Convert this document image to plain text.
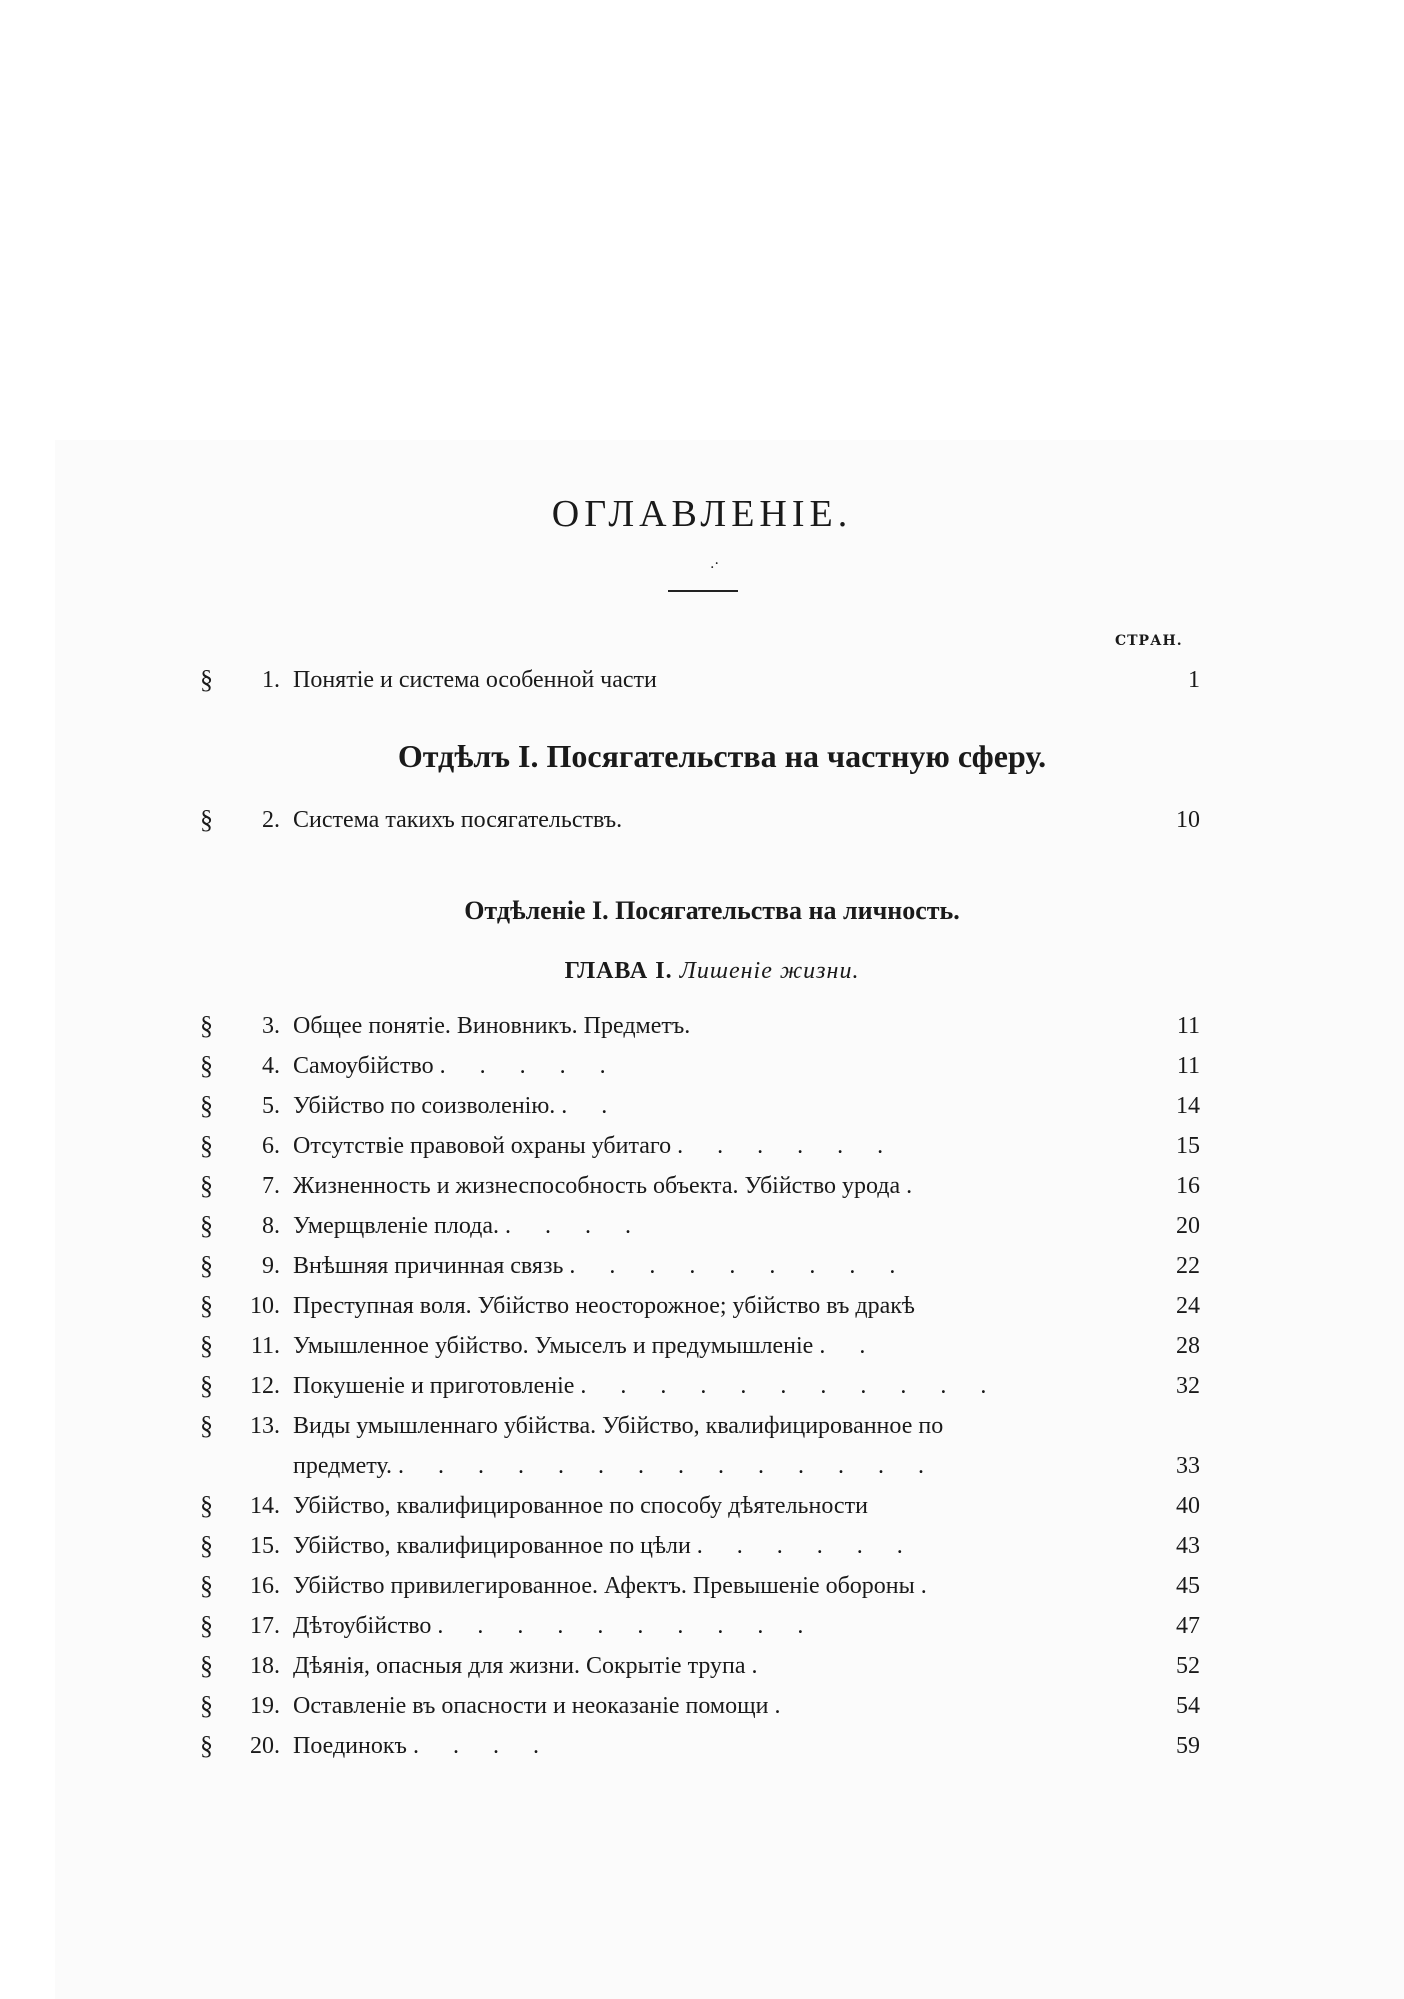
ОГЛАВЛЕНІЕ.
.·
СТРАН.
§	1. Понятіе и система особенной части	1
Отдѣлъ I. Посягательства на частную сферу.
§	2. Система такихъ посягательствъ.	10
Отдѣленіе I. Посягательства на личность.
ГЛАВА I. Лишеніе жизни.
§	3. Общее понятіе. Виновникъ. Предметъ.	11
§	4. Самоубійство . . . . .	11
§	5. Убійство по соизволенію. . .	14
§	6. Отсутствіе правовой охраны убитаго . . . . . .	15
§	7. Жизненность и жизнеспособность объекта. Убійство урода .	16
§	8. Умерщвленіе плода. . . . .	20
§	9. Внѣшняя причинная связь . . . . . . . . .	22
§	10. Преступная воля. Убійство неосторожное; убійство въ дракѣ	24
§	11. Умышленное убійство. Умыселъ и предумышленіе . .	28
§	12. Покушеніе и приготовленіе . . . . . . . . . . .	32
§	13. Виды умышленнаго убійства. Убійство, квалифицированное по
предмету. . . . . . . . . . . . . . .	33
§	14. Убійство, квалифицированное по способу дѣятельности	40
§	15. Убійство, квалифицированное по цѣли . . . . . .	43
§	16. Убійство привилегированное. Афектъ. Превышеніе обороны .	45
§	17. Дѣтоубійство . . . . . . . . . .	47
§	18. Дѣянія, опасныя для жизни. Сокрытіе трупа .	52
§	19. Оставленіе въ опасности и неоказаніе помощи .	54
§	20. Поединокъ . . . .	59
